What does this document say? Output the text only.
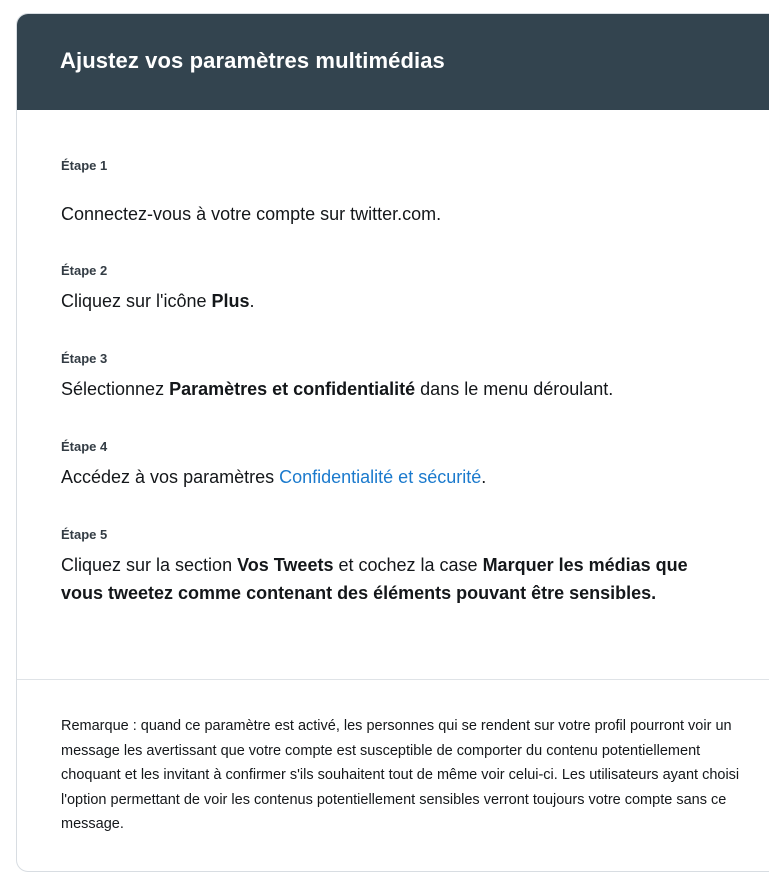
Ajustez vos paramètres multimédias

Étape 1

Connectez-vous à votre compte sur twitter.com.

Étape 2

Cliquez sur l'icône Plus.

Étape 3

Sélectionnez Paramètres et confidentialité dans le menu déroulant.

Étape 4

Accédez à vos paramètres Confidentialité et sécurité.

Étape 5

Cliquez sur la section Vos Tweets et cochez la case Marquer les médias que vous tweetez comme contenant des éléments pouvant être sensibles.

Remarque : quand ce paramètre est activé, les personnes qui se rendent sur votre profil pourront voir un message les avertissant que votre compte est susceptible de comporter du contenu potentiellement choquant et les invitant à confirmer s'ils souhaitent tout de même voir celui-ci. Les utilisateurs ayant choisi l'option permettant de voir les contenus potentiellement sensibles verront toujours votre compte sans ce message.
